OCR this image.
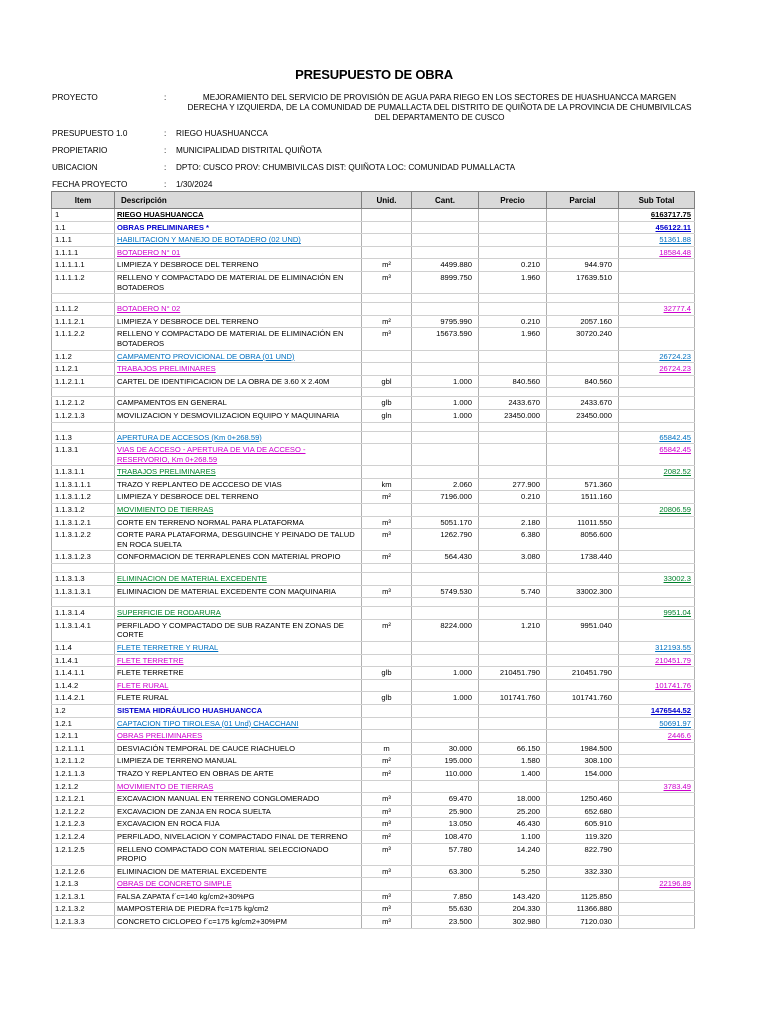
PRESUPUESTO DE OBRA
PROYECTO	:	MEJORAMIENTO DEL SERVICIO DE PROVISIÓN DE AGUA PARA RIEGO EN LOS SECTORES DE HUASHUANCCA MARGEN DERECHA Y IZQUIERDA, DE LA COMUNIDAD DE PUMALLACTA DEL DISTRITO DE QUIÑOTA DE LA PROVINCIA DE CHUMBIVILCAS DEL DEPARTAMENTO DE CUSCO
PRESUPUESTO 1.0	: RIEGO HUASHUANCCA
PROPIETARIO	: MUNICIPALIDAD DISTRITAL QUIÑOTA
UBICACION	: DPTO: CUSCO PROV: CHUMBIVILCAS DIST: QUIÑOTA LOC: COMUNIDAD PUMALLACTA
FECHA PROYECTO	: 1/30/2024
Item	Descripción	Unid.	Cant.	Precio	Parcial	Sub Total
1	RIEGO HUASHUANCCA					6163717.75
1.1	OBRAS PRELIMINARES *					456122.11
1.1.1	HABILITACION Y MANEJO DE BOTADERO (02 UND)					51361.88
1.1.1.1	BOTADERO N° 01					18584.48
1.1.1.1.1	LIMPIEZA Y DESBROCE DEL TERRENO	m²	4499.880	0.210	944.970	
1.1.1.1.2	RELLENO Y COMPACTADO DE MATERIAL DE ELIMINACIÓN EN BOTADEROS	m³	8999.750	1.960	17639.510	

1.1.1.2	BOTADERO N° 02					32777.4
1.1.1.2.1	LIMPIEZA Y DESBROCE DEL TERRENO	m²	9795.990	0.210	2057.160	
1.1.1.2.2	RELLENO Y COMPACTADO DE MATERIAL DE ELIMINACIÓN EN BOTADEROS	m³	15673.590	1.960	30720.240	
1.1.2	CAMPAMENTO PROVICIONAL DE OBRA (01 UND)					26724.23
1.1.2.1	TRABAJOS PRELIMINARES					26724.23
1.1.2.1.1	CARTEL DE IDENTIFICACION DE LA OBRA DE 3.60 X 2.40M	gbl	1.000	840.560	840.560	

1.1.2.1.2	CAMPAMENTOS EN GENERAL	glb	1.000	2433.670	2433.670	
1.1.2.1.3	MOVILIZACION Y DESMOVILIZACION EQUIPO Y MAQUINARIA	gln	1.000	23450.000	23450.000	

1.1.3	APERTURA DE ACCESOS (Km 0+268.59)					65842.45
1.1.3.1	VIAS DE ACCESO - APERTURA DE VIA DE ACCESO - RESERVORIO, Km 0+268.59					65842.45
1.1.3.1.1	TRABAJOS PRELIMINARES					2082.52
1.1.3.1.1.1	TRAZO Y REPLANTEO DE ACCCESO DE VIAS	km	2.060	277.900	571.360	
1.1.3.1.1.2	LIMPIEZA Y DESBROCE DEL TERRENO	m²	7196.000	0.210	1511.160	
1.1.3.1.2	MOVIMIENTO DE TIERRAS					20806.59
1.1.3.1.2.1	CORTE EN TERRENO NORMAL PARA PLATAFORMA	m³	5051.170	2.180	11011.550	
1.1.3.1.2.2	CORTE PARA PLATAFORMA, DESGUINCHE Y PEINADO DE TALUD EN ROCA SUELTA	m³	1262.790	6.380	8056.600	
1.1.3.1.2.3	CONFORMACION DE TERRAPLENES CON MATERIAL PROPIO	m²	564.430	3.080	1738.440	

1.1.3.1.3	ELIMINACION DE MATERIAL EXCEDENTE					33002.3
1.1.3.1.3.1	ELIMINACION DE MATERIAL EXCEDENTE CON MAQUINARIA	m³	5749.530	5.740	33002.300	

1.1.3.1.4	SUPERFICIE DE RODARURA					9951.04
1.1.3.1.4.1	PERFILADO Y COMPACTADO DE SUB RAZANTE EN ZONAS DE CORTE	m²	8224.000	1.210	9951.040	
1.1.4	FLETE TERRETRE Y RURAL					312193.55
1.1.4.1	FLETE TERRETRE					210451.79
1.1.4.1.1	FLETE TERRETRE	glb	1.000	210451.790	210451.790	
1.1.4.2	FLETE RURAL					101741.76
1.1.4.2.1	FLETE RURAL	glb	1.000	101741.760	101741.760	
1.2	SISTEMA HIDRÁULICO HUASHUANCCA					1476544.52
1.2.1	CAPTACION TIPO TIROLESA (01 Und) CHACCHANI					50691.97
1.2.1.1	OBRAS PRELIMINARES					2446.6
1.2.1.1.1	DESVIACIÓN TEMPORAL DE CAUCE RIACHUELO	m	30.000	66.150	1984.500	
1.2.1.1.2	LIMPIEZA DE TERRENO MANUAL	m²	195.000	1.580	308.100	
1.2.1.1.3	TRAZO Y REPLANTEO EN OBRAS DE ARTE	m²	110.000	1.400	154.000	
1.2.1.2	MOVIMIENTO DE TIERRAS					3783.49
1.2.1.2.1	EXCAVACION MANUAL EN TERRENO CONGLOMERADO	m³	69.470	18.000	1250.460	
1.2.1.2.2	EXCAVACION DE ZANJA EN ROCA SUELTA	m³	25.900	25.200	652.680	
1.2.1.2.3	EXCAVACION EN ROCA FIJA	m³	13.050	46.430	605.910	
1.2.1.2.4	PERFILADO, NIVELACION Y COMPACTADO FINAL DE TERRENO	m²	108.470	1.100	119.320	
1.2.1.2.5	RELLENO COMPACTADO CON MATERIAL SELECCIONADO PROPIO	m³	57.780	14.240	822.790	
1.2.1.2.6	ELIMINACION DE MATERIAL EXCEDENTE	m³	63.300	5.250	332.330	
1.2.1.3	OBRAS DE CONCRETO SIMPLE					22196.89
1.2.1.3.1	FALSA ZAPATA f´c=140 kg/cm2+30%PG	m³	7.850	143.420	1125.850	
1.2.1.3.2	MAMPOSTERIA DE PIEDRA f'c=175 kg/cm2	m³	55.630	204.330	11366.880	
1.2.1.3.3	CONCRETO CICLOPEO f´c=175 kg/cm2+30%PM	m³	23.500	302.980	7120.030	
